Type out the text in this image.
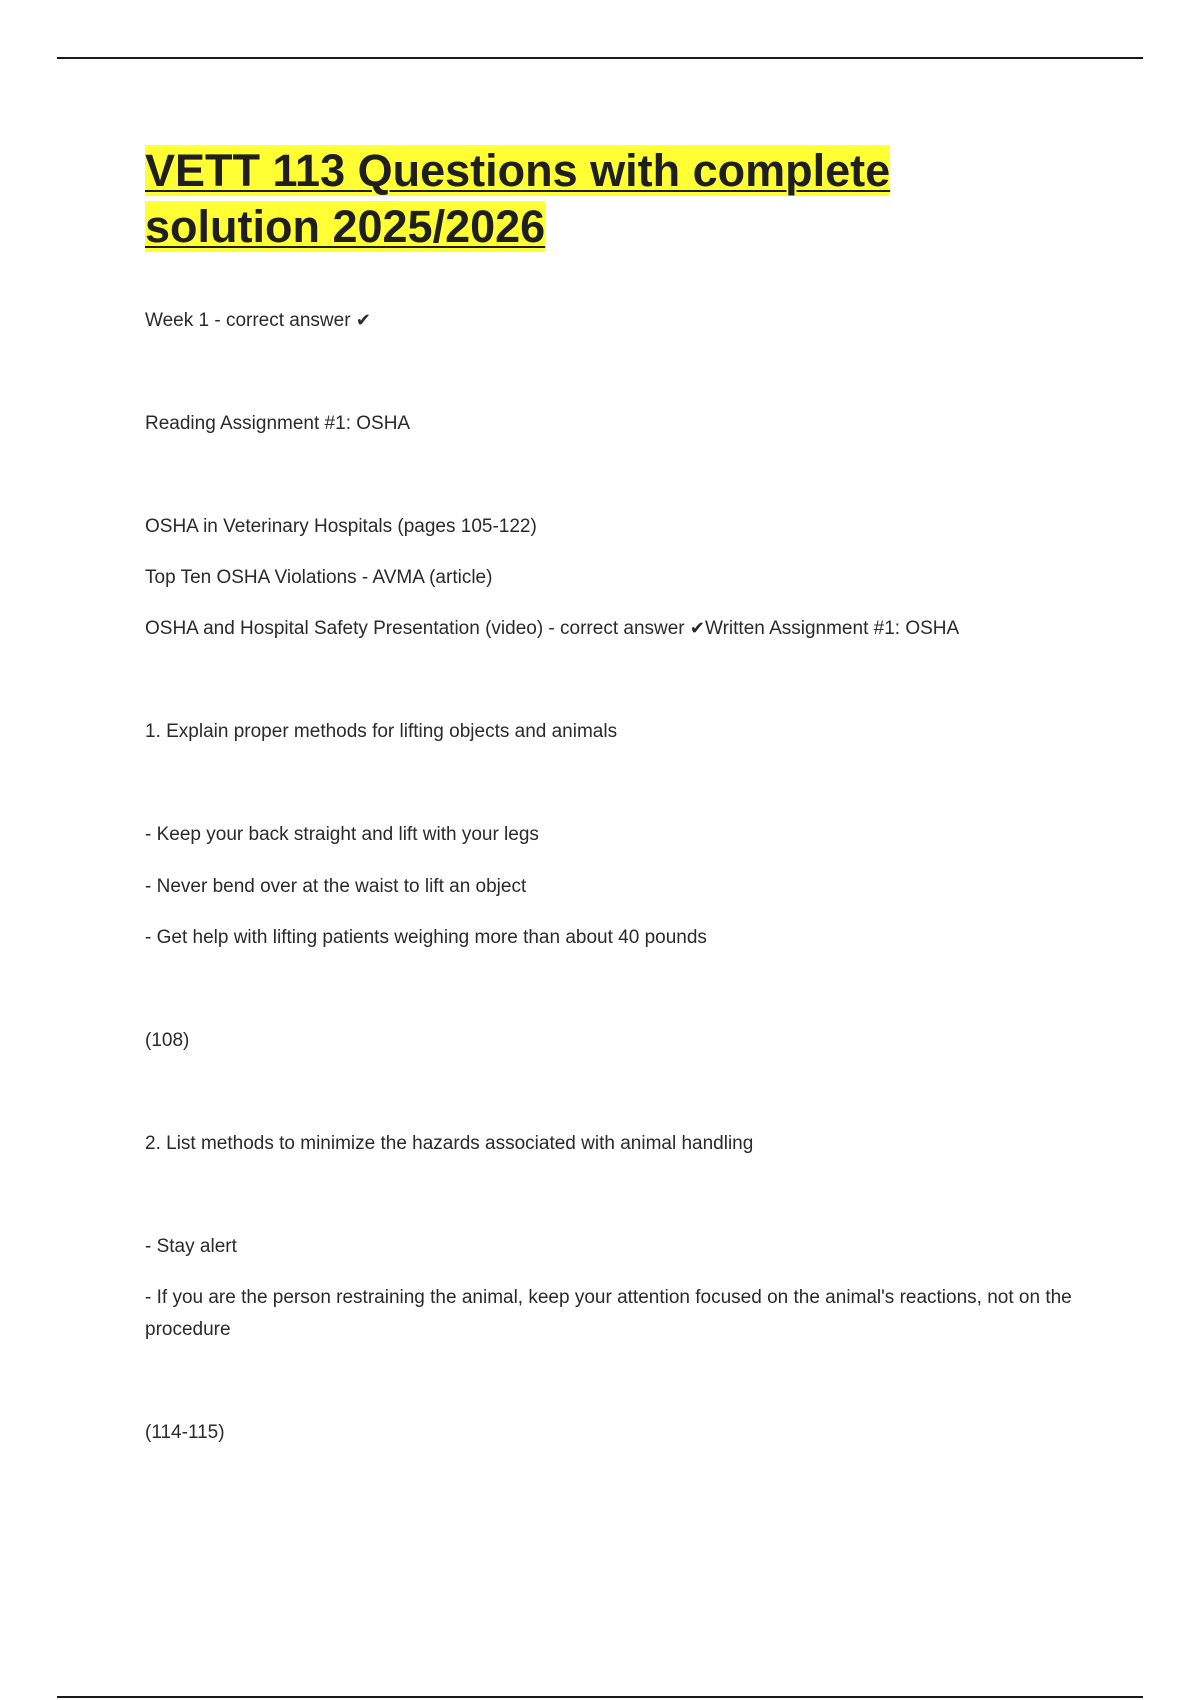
VETT 113 Questions with complete
solution 2025/2026

Week 1 - correct answer ✔

Reading Assignment #1: OSHA

OSHA in Veterinary Hospitals (pages 105-122)

Top Ten OSHA Violations - AVMA (article)

OSHA and Hospital Safety Presentation (video) - correct answer ✔Written Assignment #1: OSHA

1. Explain proper methods for lifting objects and animals

- Keep your back straight and lift with your legs

- Never bend over at the waist to lift an object

- Get help with lifting patients weighing more than about 40 pounds

(108)

2. List methods to minimize the hazards associated with animal handling

- Stay alert

- If you are the person restraining the animal, keep your attention focused on the animal's reactions, not on the procedure

(114-115)
